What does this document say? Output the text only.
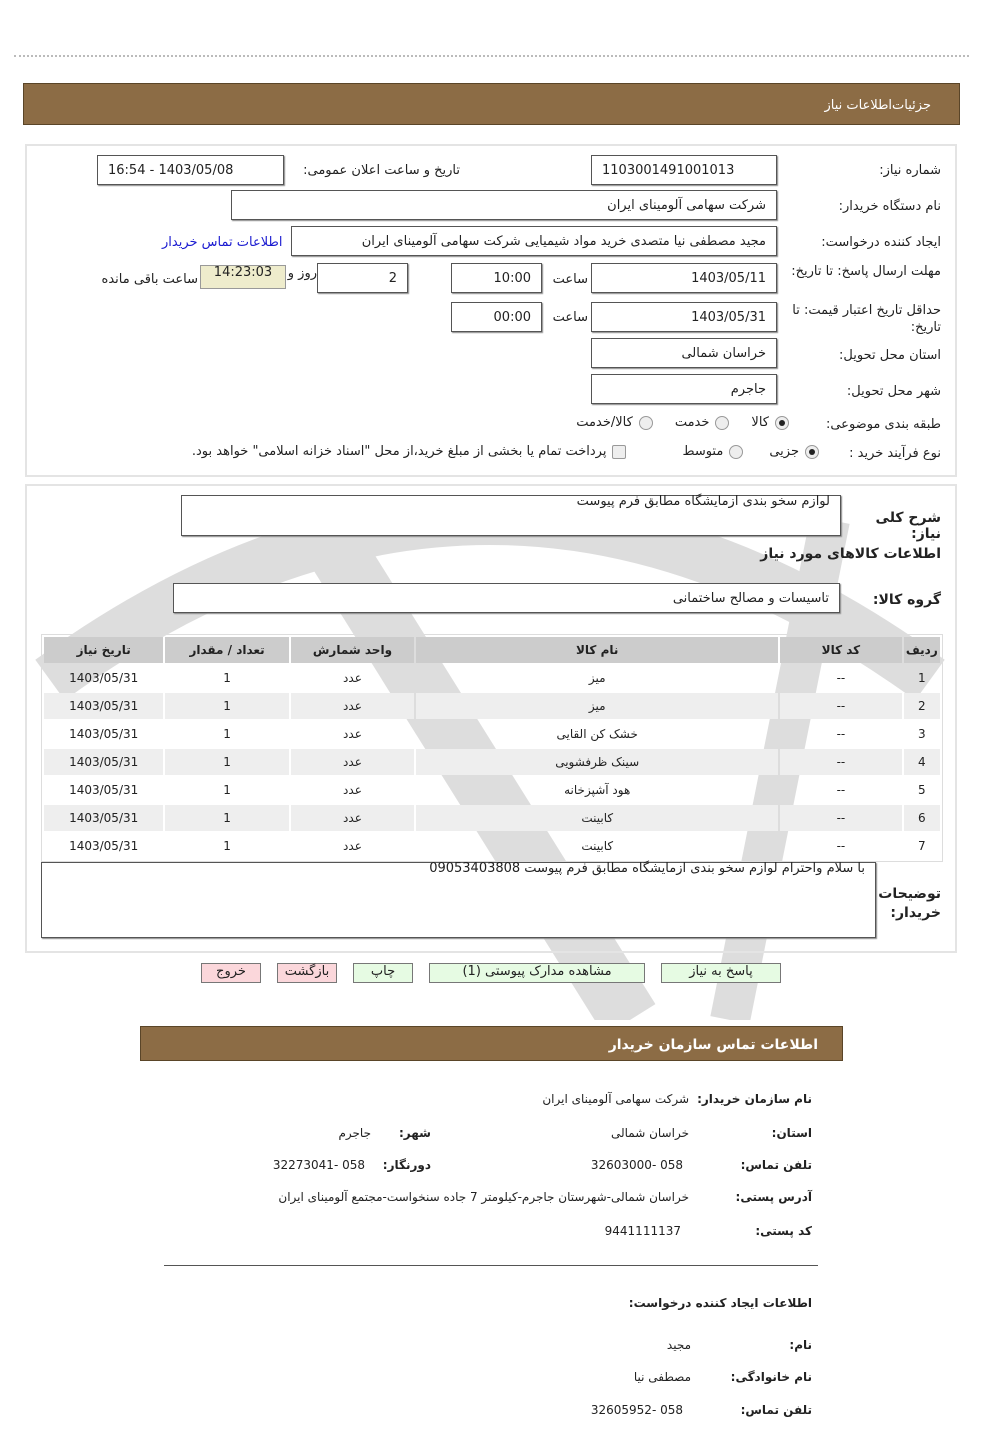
جزئیات‌اطلاعات نیاز
شماره نیاز:
1103001491001013
تاریخ و ساعت اعلان عمومی:
1403/05/08 - 16:54
نام دستگاه خریدار:
شرکت سهامی آلومینای ایران
ایجاد کننده درخواست:
مجید مصطفی نیا متصدی خرید مواد شیمیایی شرکت سهامی آلومینای ایران
اطلاعات تماس خریدار
مهلت ارسال پاسخ: تا تاریخ:
1403/05/11
ساعت
10:00
2
روز و
14:23:03
ساعت باقی مانده
حداقل تاریخ اعتبار قیمت: تا تاریخ:
1403/05/31
ساعت
00:00
استان محل تحویل:
خراسان شمالی
شهر محل تحویل:
جاجرم
طبقه بندی موضوعی:
کالا
خدمت
کالا/خدمت
نوع فرآیند خرید :
جزیی
متوسط
پرداخت تمام یا بخشی از مبلغ خرید،از محل "اسناد خزانه اسلامی" خواهد بود.
شرح کلی نیاز:
لوازم سخو بندی ازمایشگاه مطابق فرم پیوست
اطلاعات کالاهای مورد نیاز
گروه کالا:
تاسیسات و مصالح ساختمانی
ردیف	کد کالا	نام کالا	واحد شمارش	تعداد / مقدار	تاریخ نیاز
1	--	میز	عدد	1	1403/05/31
2	--	میز	عدد	1	1403/05/31
3	--	خشک کن القایی	عدد	1	1403/05/31
4	--	سینک ظرفشویی	عدد	1	1403/05/31
5	--	هود آشپزخانه	عدد	1	1403/05/31
6	--	کابینت	عدد	1	1403/05/31
7	--	کابینت	عدد	1	1403/05/31
توضیحات خریدار:
با سلام واحترام لوازم سخو بندی ازمایشگاه مطابق فرم پیوست 09053403808
پاسخ به نیاز
مشاهده مدارک پیوستی (1)
چاپ
بازگشت
خروج
اطلاعات تماس سازمان خریدار
نام سازمان خریدار:
شرکت سهامی آلومینای ایران
استان:
خراسان شمالی
شهر:
جاجرم
تلفن تماس:
058 -32603000
دورنگار:
058 -32273041
آدرس پستی:
خراسان شمالی-شهرستان جاجرم-کیلومتر 7 جاده سنخواست-مجتمع آلومینای ایران
کد پستی:
9441111137
اطلاعات ایجاد کننده درخواست:
نام:
مجید
نام خانوادگی:
مصطفی نیا
تلفن تماس:
058 -32605952
